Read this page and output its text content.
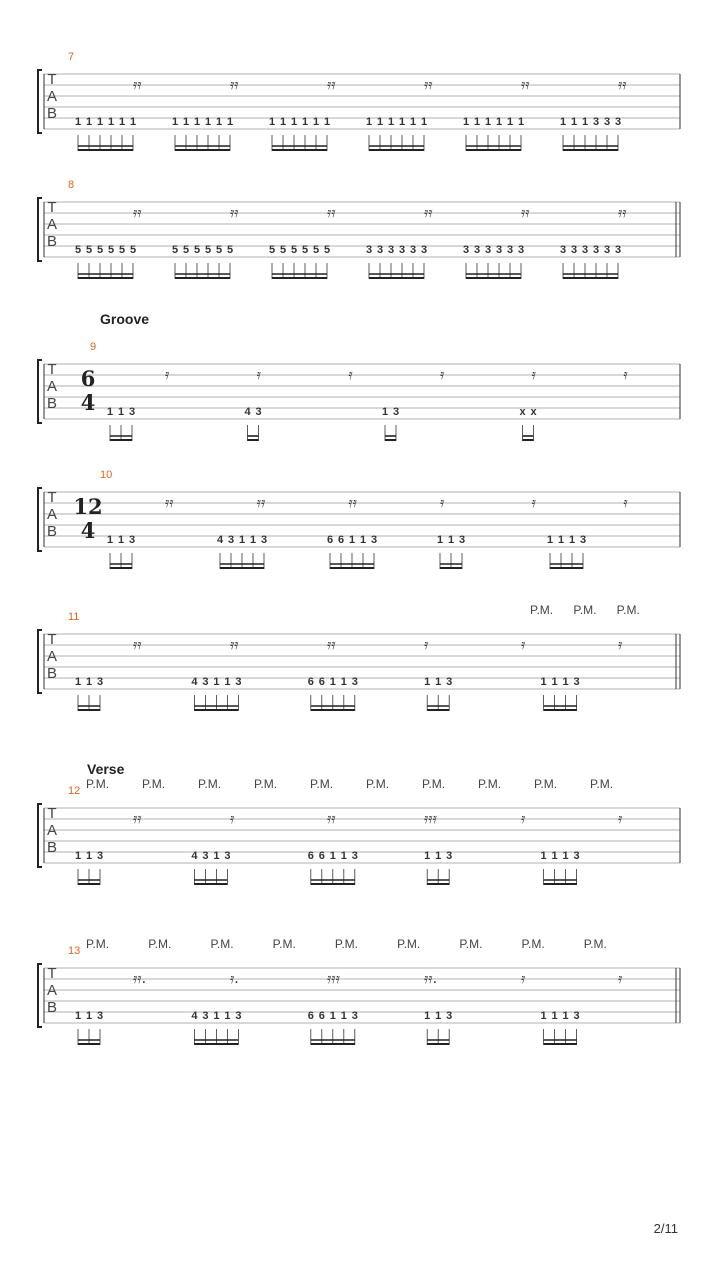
Groove
Verse
T
A
B
7
𝄿𝄿	𝄿𝄿	𝄿𝄿	𝄿𝄿	𝄿𝄿	𝄿𝄿
1 1 1 1 1 1	1 1 1 1 1 1	1 1 1 1 1 1	1 1 1 1 1 1	1 1 1 1 1 1	1 1 1 3 3 3
T
A
B
8
𝄿𝄿	𝄿𝄿	𝄿𝄿	𝄿𝄿	𝄿𝄿	𝄿𝄿
5 5 5 5 5 5	5 5 5 5 5 5	5 5 5 5 5 5	3 3 3 3 3 3	3 3 3 3 3 3	3 3 3 3 3 3
T
A
B
9
6
4
𝄿	𝄿	𝄿	𝄿	𝄿	𝄿
1 1 3	4 3	1 3	x x
T
A
B
10
12
4
𝄿𝄿	𝄿𝄿	𝄿𝄿	𝄿	𝄿	𝄿
1 1 3	4 3 1 1 3	6 6 1 1 3	1 1 3	1 1 1 3
T
A
B
11
𝄿𝄿	𝄿𝄿	𝄿𝄿	𝄿	𝄿	𝄿
1 1 3	4 3 1 1 3	6 6 1 1 3	1 1 3	1 1 1 3
P.M. P.M. P.M.
T
A
B
12
𝄿𝄿	𝄿	𝄿𝄿	𝄿𝄿𝄿	𝄿	𝄿
1 1 3	4 3 1 3	6 6 1 1 3	1 1 3	1 1 1 3
P.M.	P.M.	P.M.	P.M.	P.M.	P.M.	P.M.	P.M.	P.M.	P.M.
T
A
B
13
𝄿𝄿.	𝄿.	𝄿𝄿𝄿	𝄿𝄿.	𝄿	𝄿
1 1 3	4 3 1 1 3	6 6 1 1 3	1 1 3	1 1 1 3
P.M.	P.M.	P.M.	P.M.	P.M.	P.M.	P.M.	P.M.	P.M.
2/11
